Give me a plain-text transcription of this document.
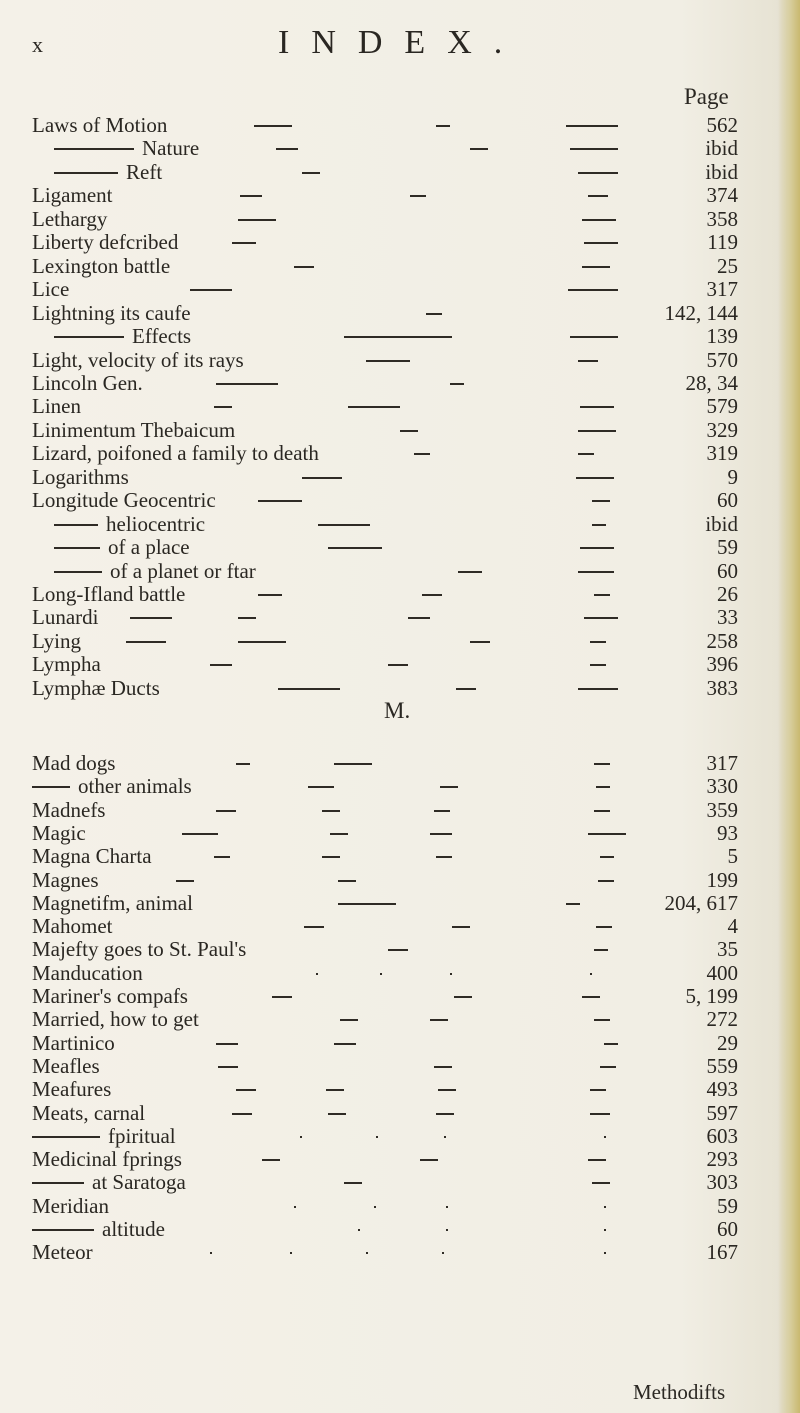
x	INDEX.
Page
Laws of Motion	562
Nature	ibid
Reft	ibid
Ligament	374
Lethargy	358
Liberty defcribed	119
Lexington battle	25
Lice	317
Lightning its caufe	142, 144
Effects	139
Light, velocity of its rays	570
Lincoln Gen.	28, 34
Linen	579
Linimentum Thebaicum	329
Lizard, poifoned a family to death	319
Logarithms	9
Longitude Geocentric	60
heliocentric	ibid
of a place	59
of a planet or ftar	60
Long-Ifland battle	26
Lunardi	33
Lying	258
Lympha	396
Lymphæ Ducts	383
Mad dogs	317
other animals	330
Madnefs	359
Magic	93
Magna Charta	5
Magnes	199
Magnetifm, animal	204, 617
Mahomet	4
Majefty goes to St. Paul's	35
Manducation	400
Mariner's compafs	5, 199
Married, how to get	272
Martinico	29
Meafles	559
Meafures	493
Meats, carnal	597
fpiritual	603
Medicinal fprings	293
at Saratoga	303
Meridian	59
altitude	60
Meteor	167
M.
Methodifts
